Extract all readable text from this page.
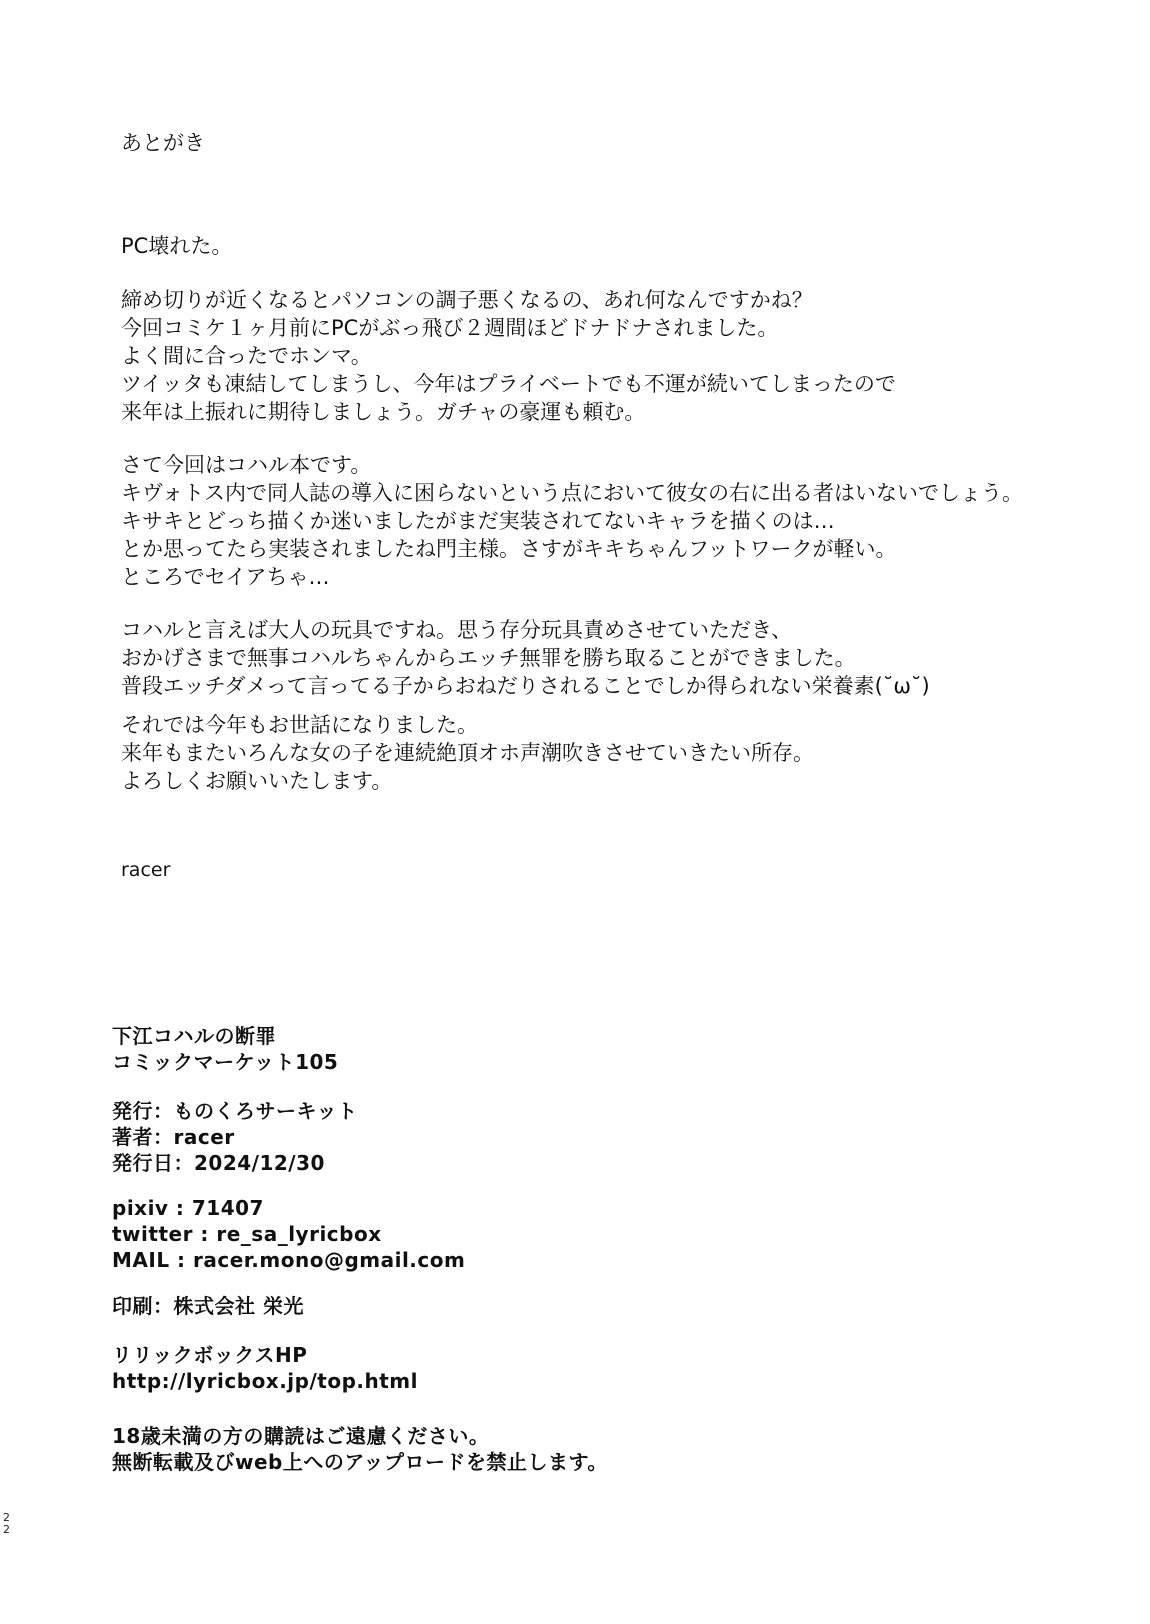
あとがき
PC壊れた。
締め切りが近くなるとパソコンの調子悪くなるの、あれ何なんですかね？
今回コミケ１ヶ月前にPCがぶっ飛び２週間ほどドナドナされました。
よく間に合ったでホンマ。
ツイッタも凍結してしまうし、今年はプライベートでも不運が続いてしまったので
来年は上振れに期待しましょう。ガチャの豪運も頼む。
さて今回はコハル本です。
キヴォトス内で同人誌の導入に困らないという点において彼女の右に出る者はいないでしょう。
キサキとどっち描くか迷いましたがまだ実装されてないキャラを描くのは…
とか思ってたら実装されましたね門主様。さすがキキちゃんフットワークが軽い。
ところでセイアちゃ…
コハルと言えば大人の玩具ですね。思う存分玩具責めさせていただき、
おかげさまで無事コハルちゃんからエッチ無罪を勝ち取ることができました。
普段エッチダメって言ってる子からおねだりされることでしか得られない栄養素(˘ω˘)
それでは今年もお世話になりました。
来年もまたいろんな女の子を連続絶頂オホ声潮吹きさせていきたい所存。
よろしくお願いいたします。
racer
下江コハルの断罪
コミックマーケット105
発行：ものくろサーキット
著者：racer
発行日：2024/12/30
pixiv : 71407
twitter : re_sa_lyricbox
MAIL : racer.mono@gmail.com
印刷：株式会社 栄光
リリックボックスHP
http://lyricbox.jp/top.html
18歳未満の方の購読はご遠慮ください。
無断転載及びweb上へのアップロードを禁止します。
22
